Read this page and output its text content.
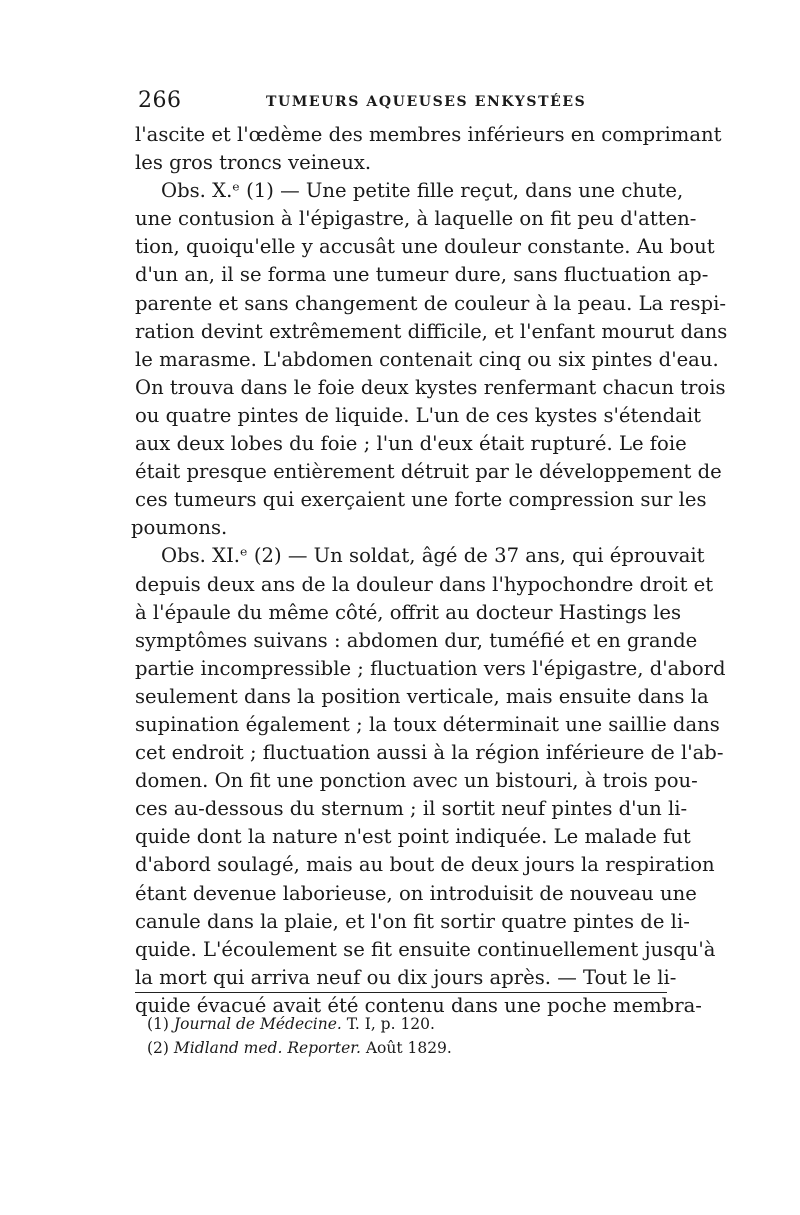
266	TUMEURS AQUEUSES ENKYSTÉES
l'ascite et l'œdème des membres inférieurs en comprimant
les gros troncs veineux.
Obs. X.ᵉ (1) — Une petite fille reçut, dans une chute,
une contusion à l'épigastre, à laquelle on fit peu d'atten-
tion, quoiqu'elle y accusât une douleur constante. Au bout
d'un an, il se forma une tumeur dure, sans fluctuation ap-
parente et sans changement de couleur à la peau. La respi-
ration devint extrêmement difficile, et l'enfant mourut dans
le marasme. L'abdomen contenait cinq ou six pintes d'eau.
On trouva dans le foie deux kystes renfermant chacun trois
ou quatre pintes de liquide. L'un de ces kystes s'étendait
aux deux lobes du foie ; l'un d'eux était rupturé. Le foie
était presque entièrement détruit par le développement de
ces tumeurs qui exerçaient une forte compression sur les
poumons.
Obs. XI.ᵉ (2) — Un soldat, âgé de 37 ans, qui éprouvait
depuis deux ans de la douleur dans l'hypochondre droit et
à l'épaule du même côté, offrit au docteur Hastings les
symptômes suivans : abdomen dur, tuméfié et en grande
partie incompressible ; fluctuation vers l'épigastre, d'abord
seulement dans la position verticale, mais ensuite dans la
supination également ; la toux déterminait une saillie dans
cet endroit ; fluctuation aussi à la région inférieure de l'ab-
domen. On fit une ponction avec un bistouri, à trois pou-
ces au-dessous du sternum ; il sortit neuf pintes d'un li-
quide dont la nature n'est point indiquée. Le malade fut
d'abord soulagé, mais au bout de deux jours la respiration
étant devenue laborieuse, on introduisit de nouveau une
canule dans la plaie, et l'on fit sortir quatre pintes de li-
quide. L'écoulement se fit ensuite continuellement jusqu'à
la mort qui arriva neuf ou dix jours après. — Tout le li-
quide évacué avait été contenu dans une poche membra-
(1) Journal de Médecine. T. I, p. 120.
(2) Midland med. Reporter. Août 1829.
